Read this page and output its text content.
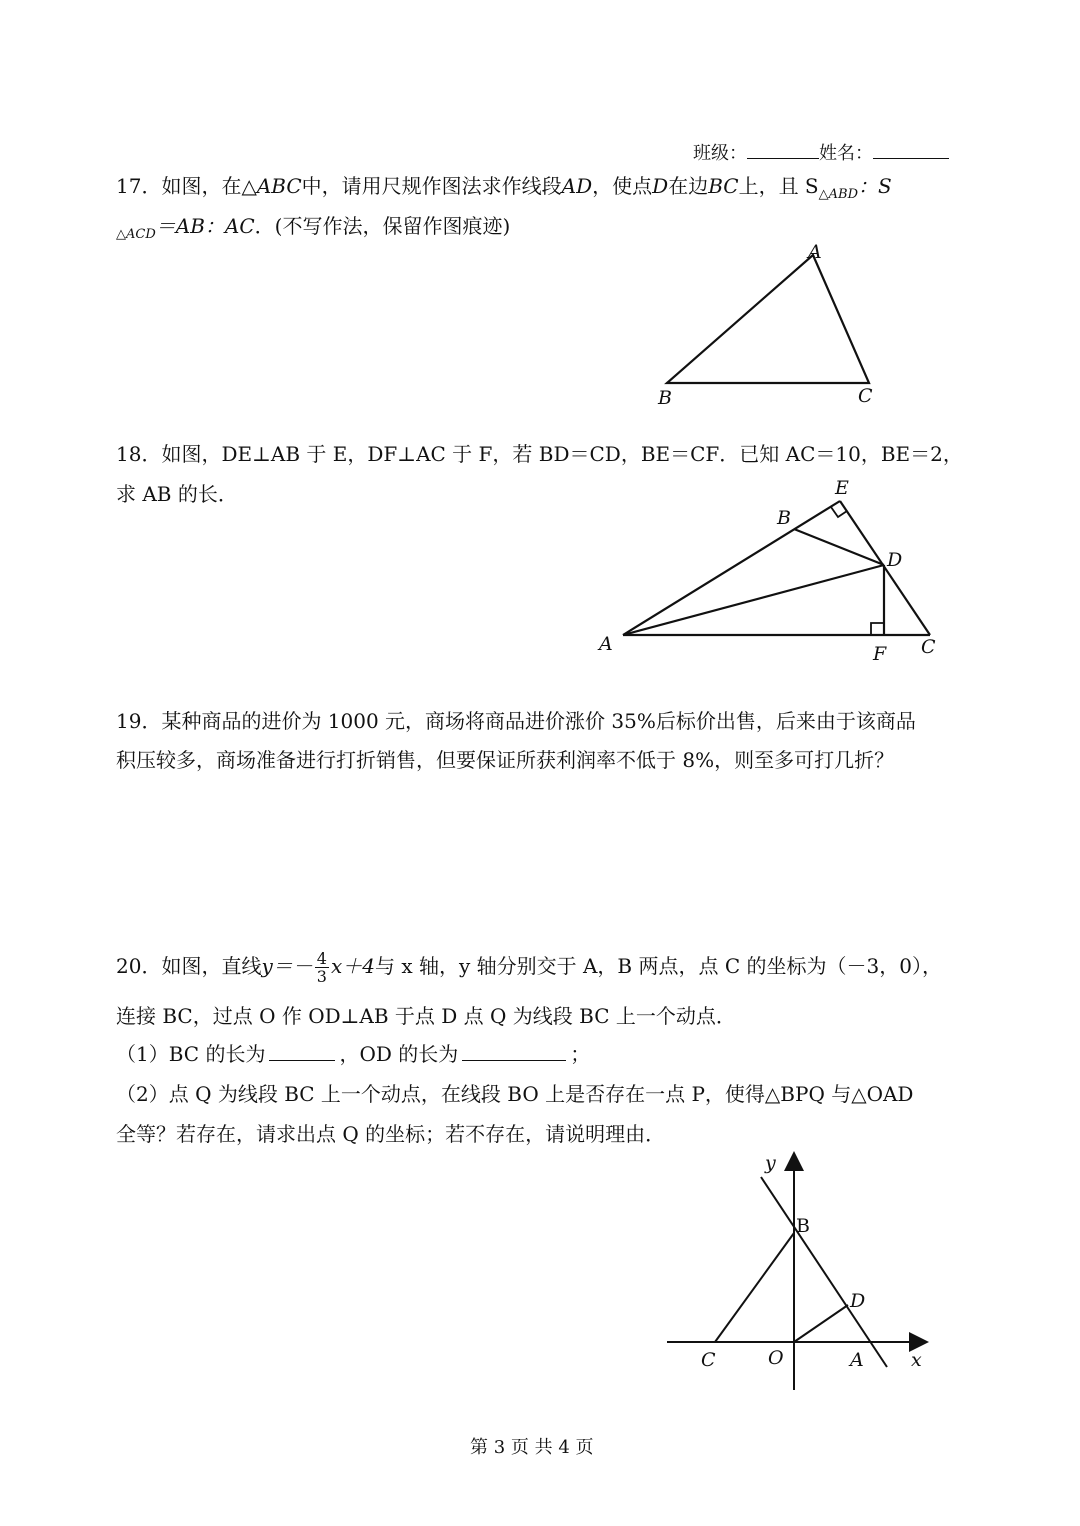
班级：	姓名：
17．如图，在△ABC中，请用尺规作图法求作线段AD，使点D在边BC上，且 $S_{\triangle ABD}$：S
$_{\triangle ACD}$＝AB：AC．(不写作法，保留作图痕迹)
A
B	C
18．如图，DE⊥AB 于 E，DF⊥AC 于 F，若 BD＝CD，BE＝CF．已知 AC＝10，BE＝2，
求 AB 的长．
A
B
C
D
E
F
19．某种商品的进价为 1000 元，商场将商品进价涨价 35%后标价出售，后来由于该商品
积压较多，商场准备进行打折销售，但要保证所获利润率不低于 8%，则至多可打几折？
20．如图，直线$y=- \frac{4}{3} x+4$与 x 轴，y 轴分别交于 A，B 两点，点 C 的坐标为（－3，0），
连接 BC，过点 O 作 OD⊥AB 于点 D 点 Q 为线段 BC 上一个动点．
（1）BC 的长为	，OD 的长为	；
（2）点 Q 为线段 BC 上一个动点，在线段 BO 上是否存在一点 P，使得△BPQ 与△OAD
全等？若存在，请求出点 Q 的坐标；若不存在，请说明理由．
y
x
B
D
C	O	A
第 3 页 共 4 页
